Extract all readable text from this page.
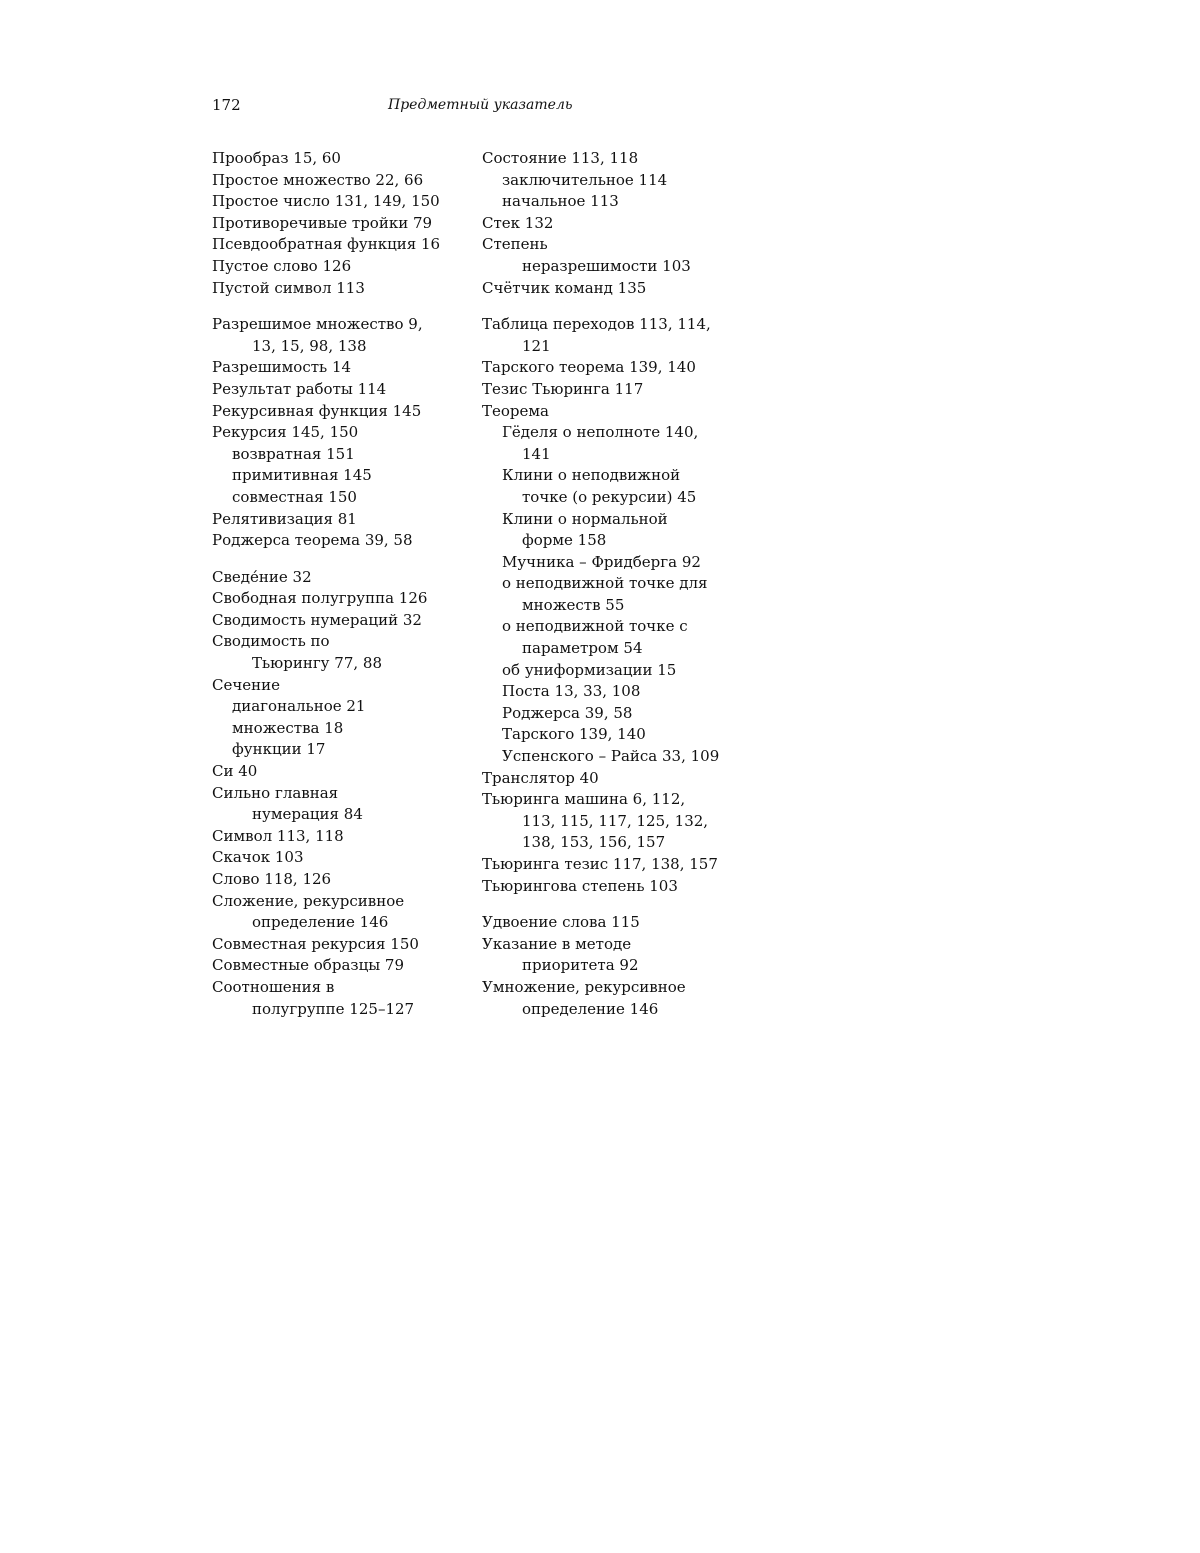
172	Предметный указатель
Прообраз 15, 60
Простое множество 22, 66
Простое число 131, 149, 150
Противоречивые тройки 79
Псевдообратная функция 16
Пустое слово 126
Пустой символ 113
Разрешимое множество 9,
13, 15, 98, 138
Разрешимость 14
Результат работы 114
Рекурсивная функция 145
Рекурсия 145, 150
возвратная 151
примитивная 145
совместная 150
Релятивизация 81
Роджерса теорема 39, 58
Сведе́ние 32
Свободная полугруппа 126
Сводимость нумераций 32
Сводимость по
Тьюрингу 77, 88
Сечение
диагональное 21
множества 18
функции 17
Си 40
Сильно главная
нумерация 84
Символ 113, 118
Скачок 103
Слово 118, 126
Сложение, рекурсивное
определение 146
Совместная рекурсия 150
Совместные образцы 79
Соотношения в
полугруппе 125–127
Состояние 113, 118
заключительное 114
начальное 113
Стек 132
Степень
неразрешимости 103
Счётчик команд 135
Таблица переходов 113, 114,
121
Тарского теорема 139, 140
Тезис Тьюринга 117
Теорема
Гёделя о неполноте 140,
141
Клини о неподвижной
точке (о рекурсии) 45
Клини о нормальной
форме 158
Мучника – Фридберга 92
о неподвижной точке для
множеств 55
о неподвижной точке с
параметром 54
об униформизации 15
Поста 13, 33, 108
Роджерса 39, 58
Тарского 139, 140
Успенского – Райса 33, 109
Транслятор 40
Тьюринга машина 6, 112,
113, 115, 117, 125, 132,
138, 153, 156, 157
Тьюринга тезис 117, 138, 157
Тьюрингова степень 103
Удвоение слова 115
Указание в методе
приоритета 92
Умножение, рекурсивное
определение 146
